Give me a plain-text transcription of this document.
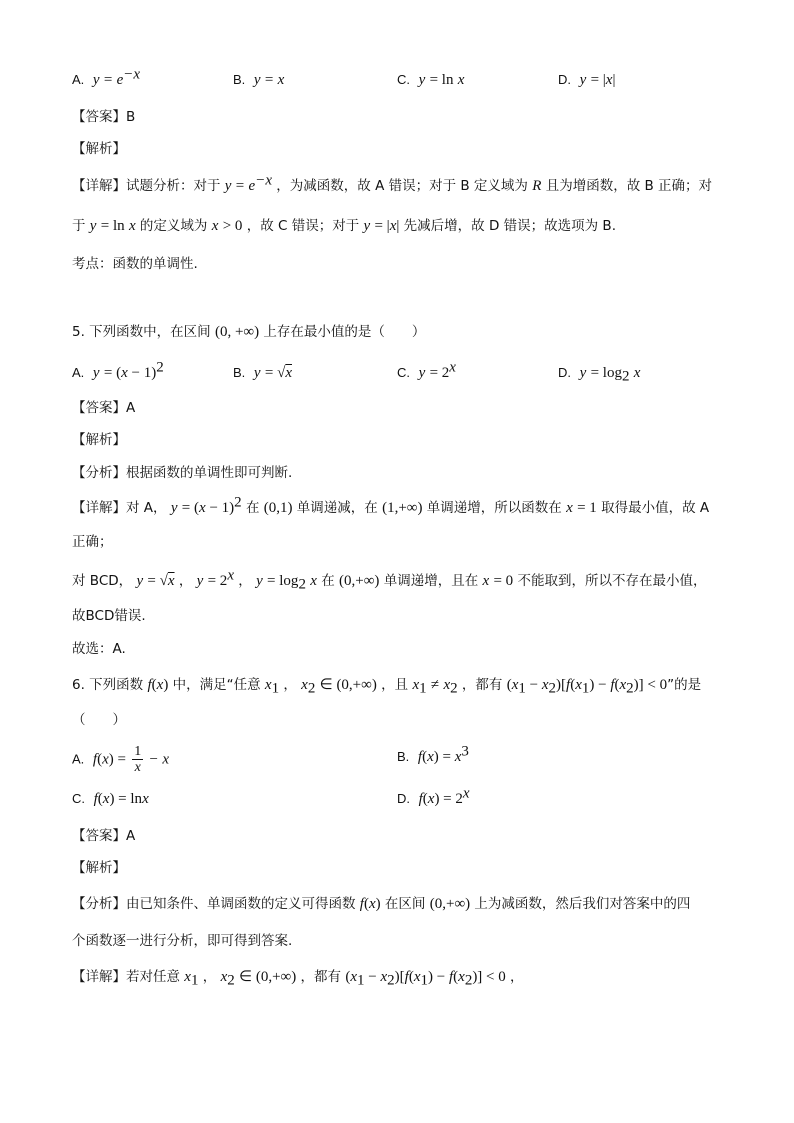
A. $y = e^{-x}$	B. y = x	C. y = ln x	D. y = |x|
【答案】B
【解析】
【详解】试题分析：对于 $y = e^{-x}$ ，为减函数，故 A 错误；对于 B 定义域为 R 且为增函数，故 B 正确；对
于 y = ln x 的定义域为 x > 0 ，故 C 错误；对于 y = |x| 先减后增，故 D 错误；故选项为 B.
考点：函数的单调性.
5. 下列函数中，在区间 (0, +∞) 上存在最小值的是（　　）
A. $y = (x - 1)^2$	B. y = √x	C. $y = 2^x$	D. $y = \log_2 x$
【答案】A
【解析】
【分析】根据函数的单调性即可判断.
【详解】对 A， $y = (x - 1)^2$ 在 (0,1) 单调递减，在 (1,+∞) 单调递增，所以函数在 x = 1 取得最小值，故 A
正确；
对 BCD， y = √x ， $y = 2^x$ ， $y = \log_2 x$ 在 (0,+∞) 单调递增，且在 x = 0 不能取到，所以不存在最小值，
故BCD错误.
故选：A.
6. 下列函数 f(x) 中，满足“任意 $x_1$ ， $x_2$ ∈ (0,+∞) ，且 $x_1 \ne x_2$ ，都有 $(x_1 - x_2)[f(x_1) - f(x_2)] < 0$”的是
（　　）
A. $f(x) = \frac{1}{x} - x$	B. $f(x) = x^3$
C. f(x) = lnx	D. $f(x) = 2^x$
【答案】A
【解析】
【分析】由已知条件、单调函数的定义可得函数 f(x) 在区间 (0,+∞) 上为减函数，然后我们对答案中的四
个函数逐一进行分析，即可得到答案.
【详解】若对任意 $x_1$ ， $x_2$ ∈ (0,+∞) ，都有 $(x_1 - x_2)[f(x_1) - f(x_2)] < 0$ ，
